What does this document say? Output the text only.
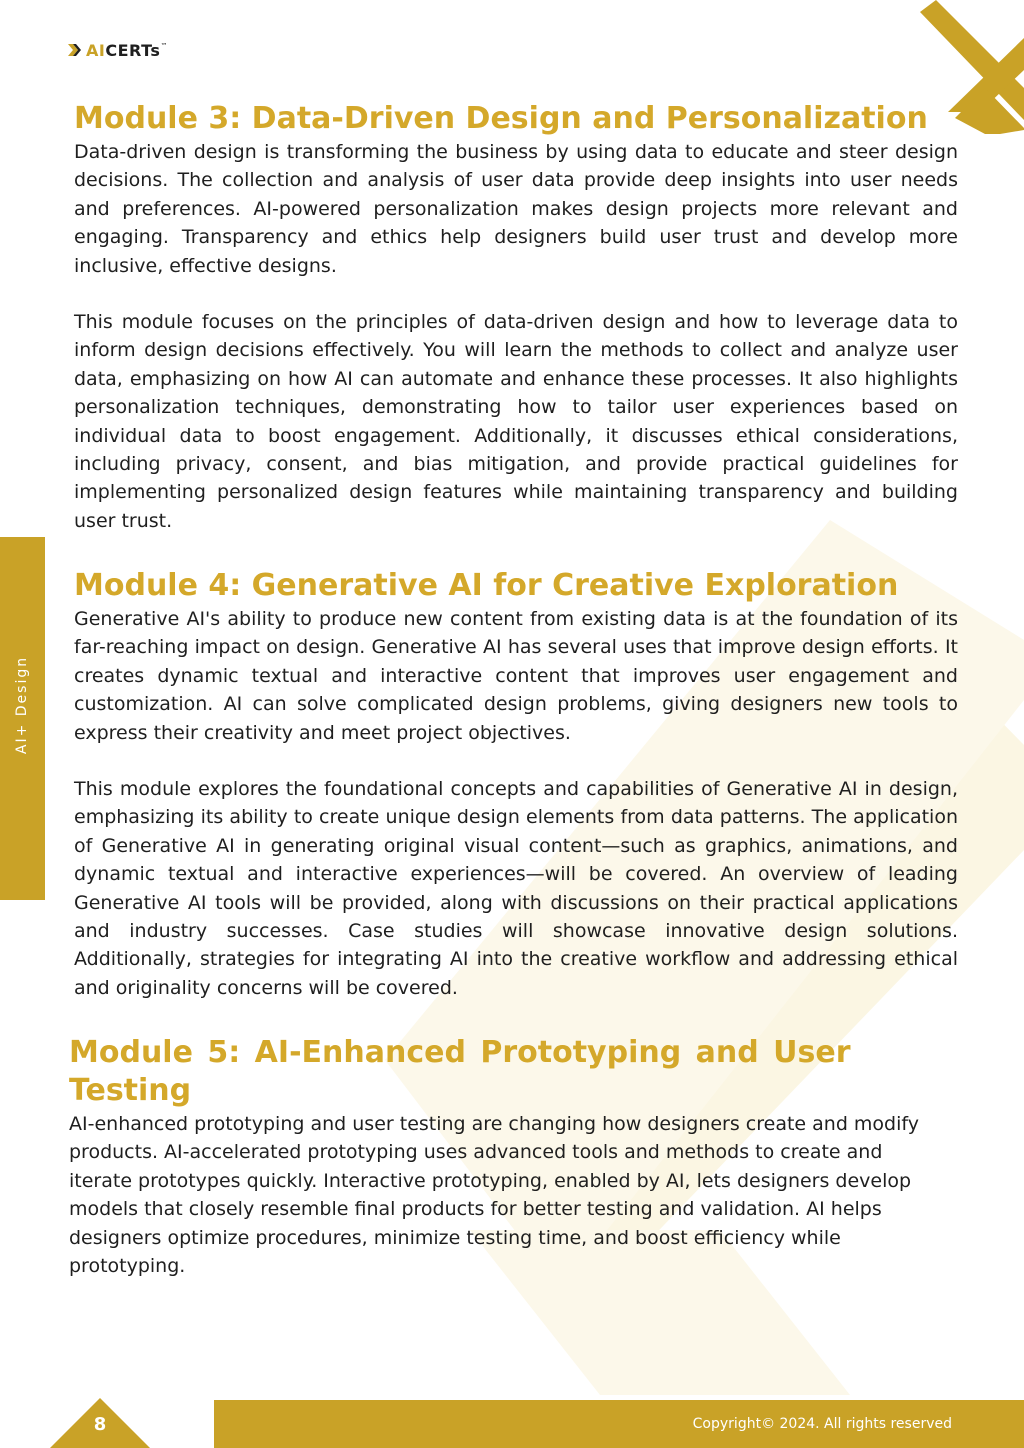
AI CERTs ™
AI+ Design
Module 3: Data-Driven Design and Personalization

Data-driven design is transforming the business by using data to educate and steer design decisions. The collection and analysis of user data provide deep insights into user needs and preferences. AI-powered personalization makes design projects more relevant and engaging. Transparency and ethics help designers build user trust and develop more inclusive, effective designs.

This module focuses on the principles of data-driven design and how to leverage data to inform design decisions effectively. You will learn the methods to collect and analyze user data, emphasizing on how AI can automate and enhance these processes. It also highlights personalization techniques, demonstrating how to tailor user experiences based on individual data to boost engagement. Additionally, it discusses ethical considerations, including privacy, consent, and bias mitigation, and provide practical guidelines for implementing personalized design features while maintaining transparency and building user trust.

Module 4: Generative AI for Creative Exploration

Generative AI's ability to produce new content from existing data is at the foundation of its far-reaching impact on design. Generative AI has several uses that improve design efforts. It creates dynamic textual and interactive content that improves user engagement and customization. AI can solve complicated design problems, giving designers new tools to express their creativity and meet project objectives.

This module explores the foundational concepts and capabilities of Generative AI in design, emphasizing its ability to create unique design elements from data patterns. The application of Generative AI in generating original visual content—such as graphics, animations, and dynamic textual and interactive experiences—will be covered. An overview of leading Generative AI tools will be provided, along with discussions on their practical applications and industry successes. Case studies will showcase innovative design solutions. Additionally, strategies for integrating AI into the creative workflow and addressing ethical and originality concerns will be covered.

Module 5: AI-Enhanced Prototyping and User Testing

AI-enhanced prototyping and user testing are changing how designers create and modify products. AI-accelerated prototyping uses advanced tools and methods to create and iterate prototypes quickly. Interactive prototyping, enabled by AI, lets designers develop models that closely resemble final products for better testing and validation. AI helps designers optimize procedures, minimize testing time, and boost efficiency while prototyping.

8	Copyright© 2024. All rights reserved
